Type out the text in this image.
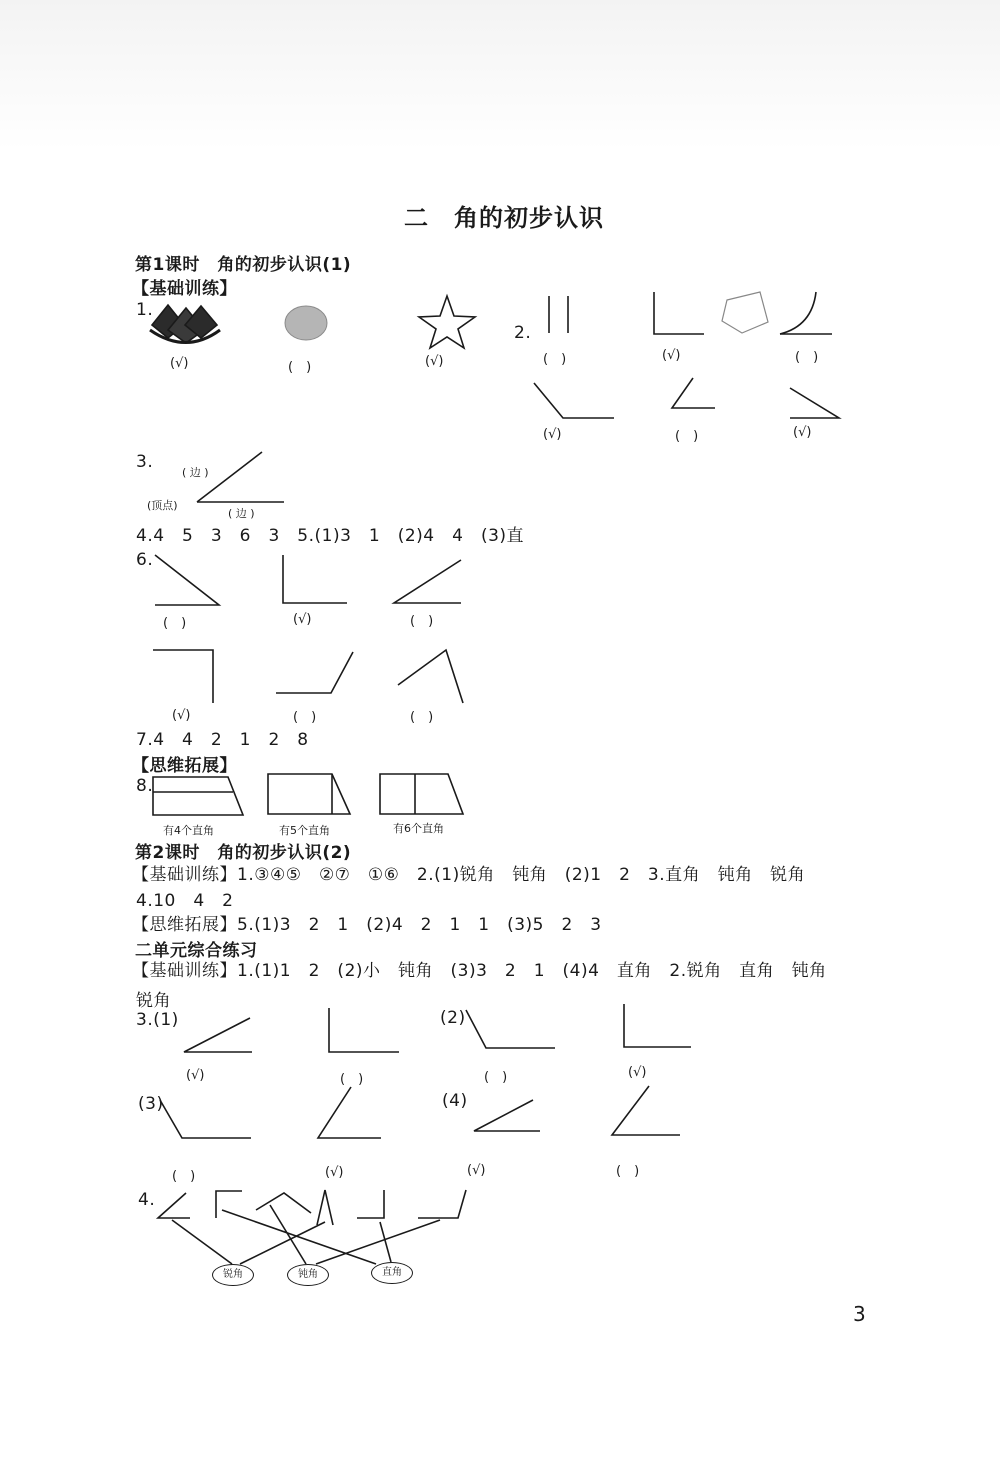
二　角的初步认识
第1课时　角的初步认识(1)
【基础训练】
1.
(√)	(　)	(√)
2.
(　)	(√)	(　)
(√)	(　)	(√)
3.
( 边 )
(顶点)
( 边 )
4.4　5　3　6　3　5.(1)3　1　(2)4　4　(3)直
6.
(　)	(√)	(　)
(√)	(　)	(　)
7.4　4　2　1　2　8
【思维拓展】
8.
有4个直角	有5个直角	有6个直角
第2课时　角的初步认识(2)
【基础训练】1.③④⑤　②⑦　①⑥　2.(1)锐角　钝角　(2)1　2　3.直角　钝角　锐角
4.10　4　2
【思维拓展】5.(1)3　2　1　(2)4　2　1　1　(3)5　2　3
二单元综合练习
【基础训练】1.(1)1　2　(2)小　钝角　(3)3　2　1　(4)4　直角　2.锐角　直角　钝角
锐角
3.(1)	(2)
(3)	(4)
(√)	(　)	(　)	(√)
(　)	(√)	(√)	(　)
4.
锐角	钝角	直角
3
